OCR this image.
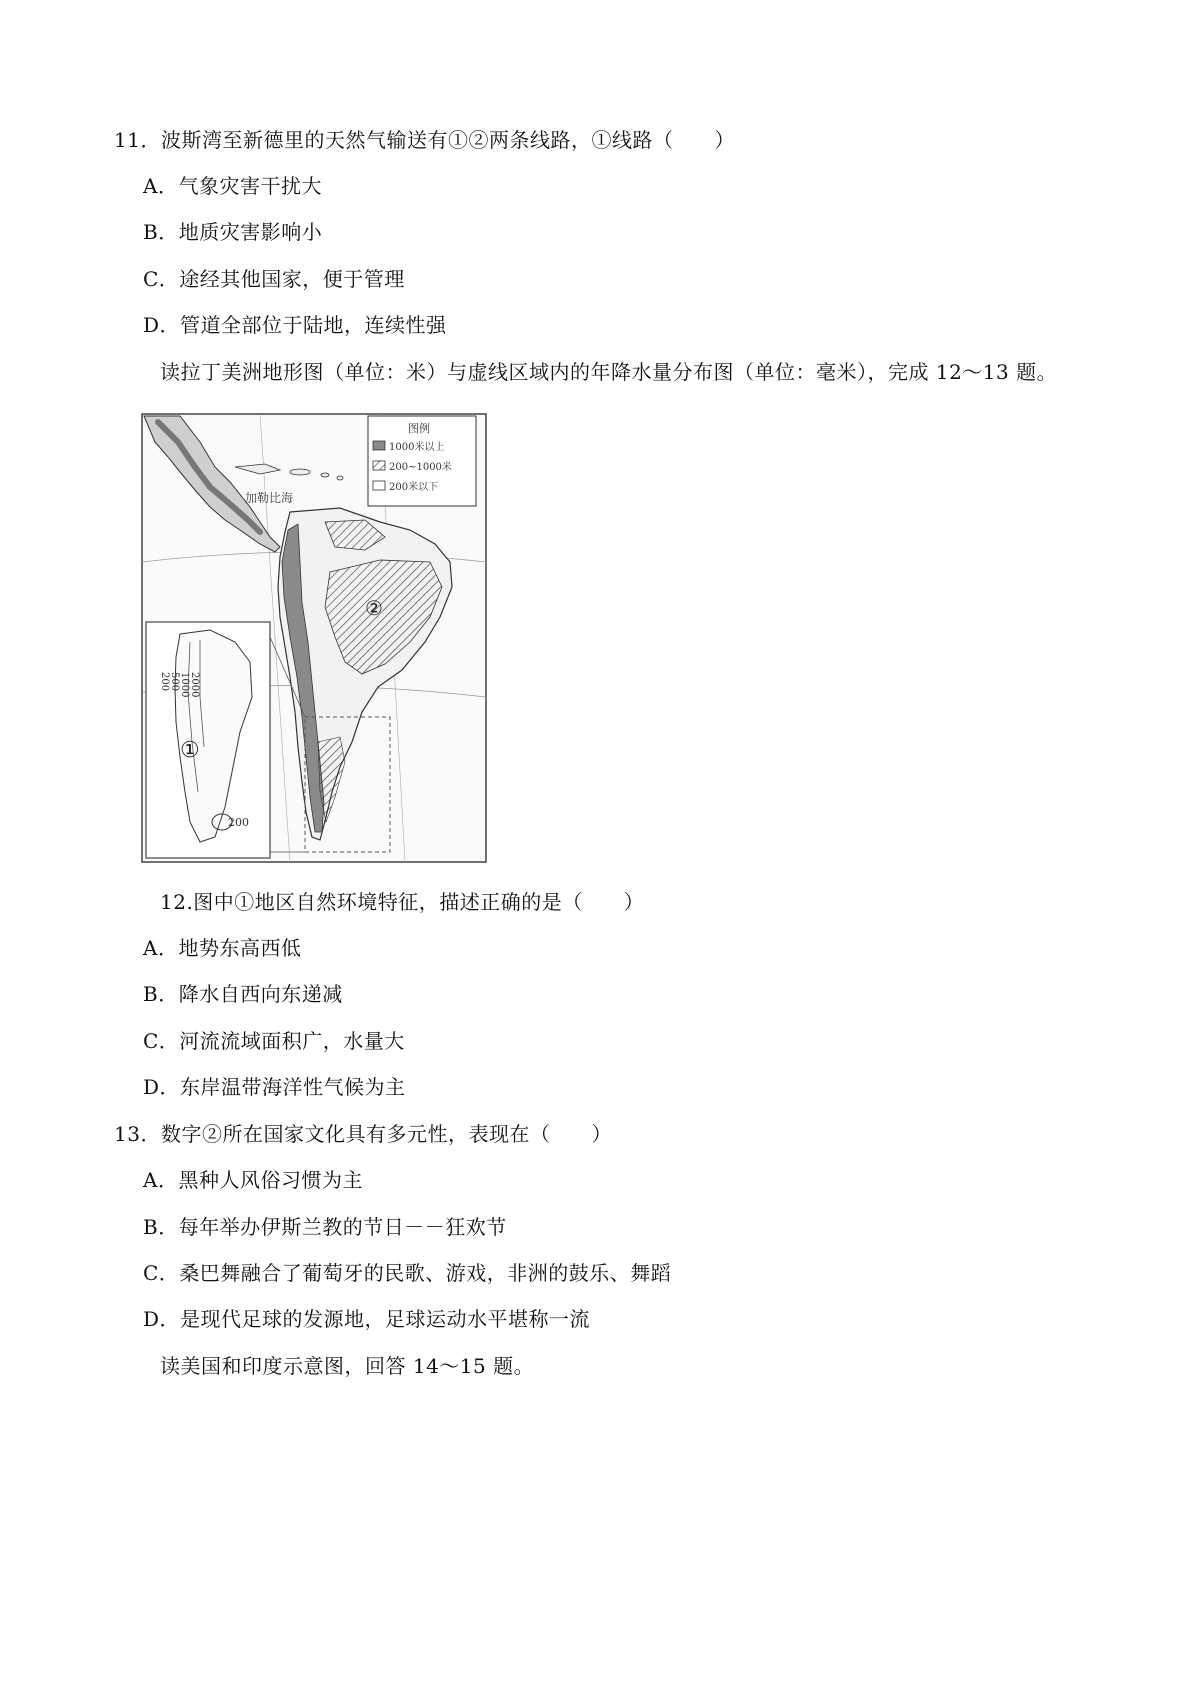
11．波斯湾至新德里的天然气输送有①②两条线路，①线路（　　）
A．气象灾害干扰大
B．地质灾害影响小
C．途经其他国家，便于管理
D．管道全部位于陆地，连续性强
读拉丁美洲地形图（单位：米）与虚线区域内的年降水量分布图（单位：毫米），完成 12～13 题。
加勒比海
图例
1000米以上
200~1000米
200米以下
②
200 500 1000 2000
①
200
12.图中①地区自然环境特征，描述正确的是（　　）
A．地势东高西低
B．降水自西向东递减
C．河流流域面积广，水量大
D．东岸温带海洋性气候为主
13．数字②所在国家文化具有多元性，表现在（　　）
A．黑种人风俗习惯为主
B．每年举办伊斯兰教的节日－－狂欢节
C．桑巴舞融合了葡萄牙的民歌、游戏，非洲的鼓乐、舞蹈
D．是现代足球的发源地，足球运动水平堪称一流
读美国和印度示意图，回答 14～15 题。
